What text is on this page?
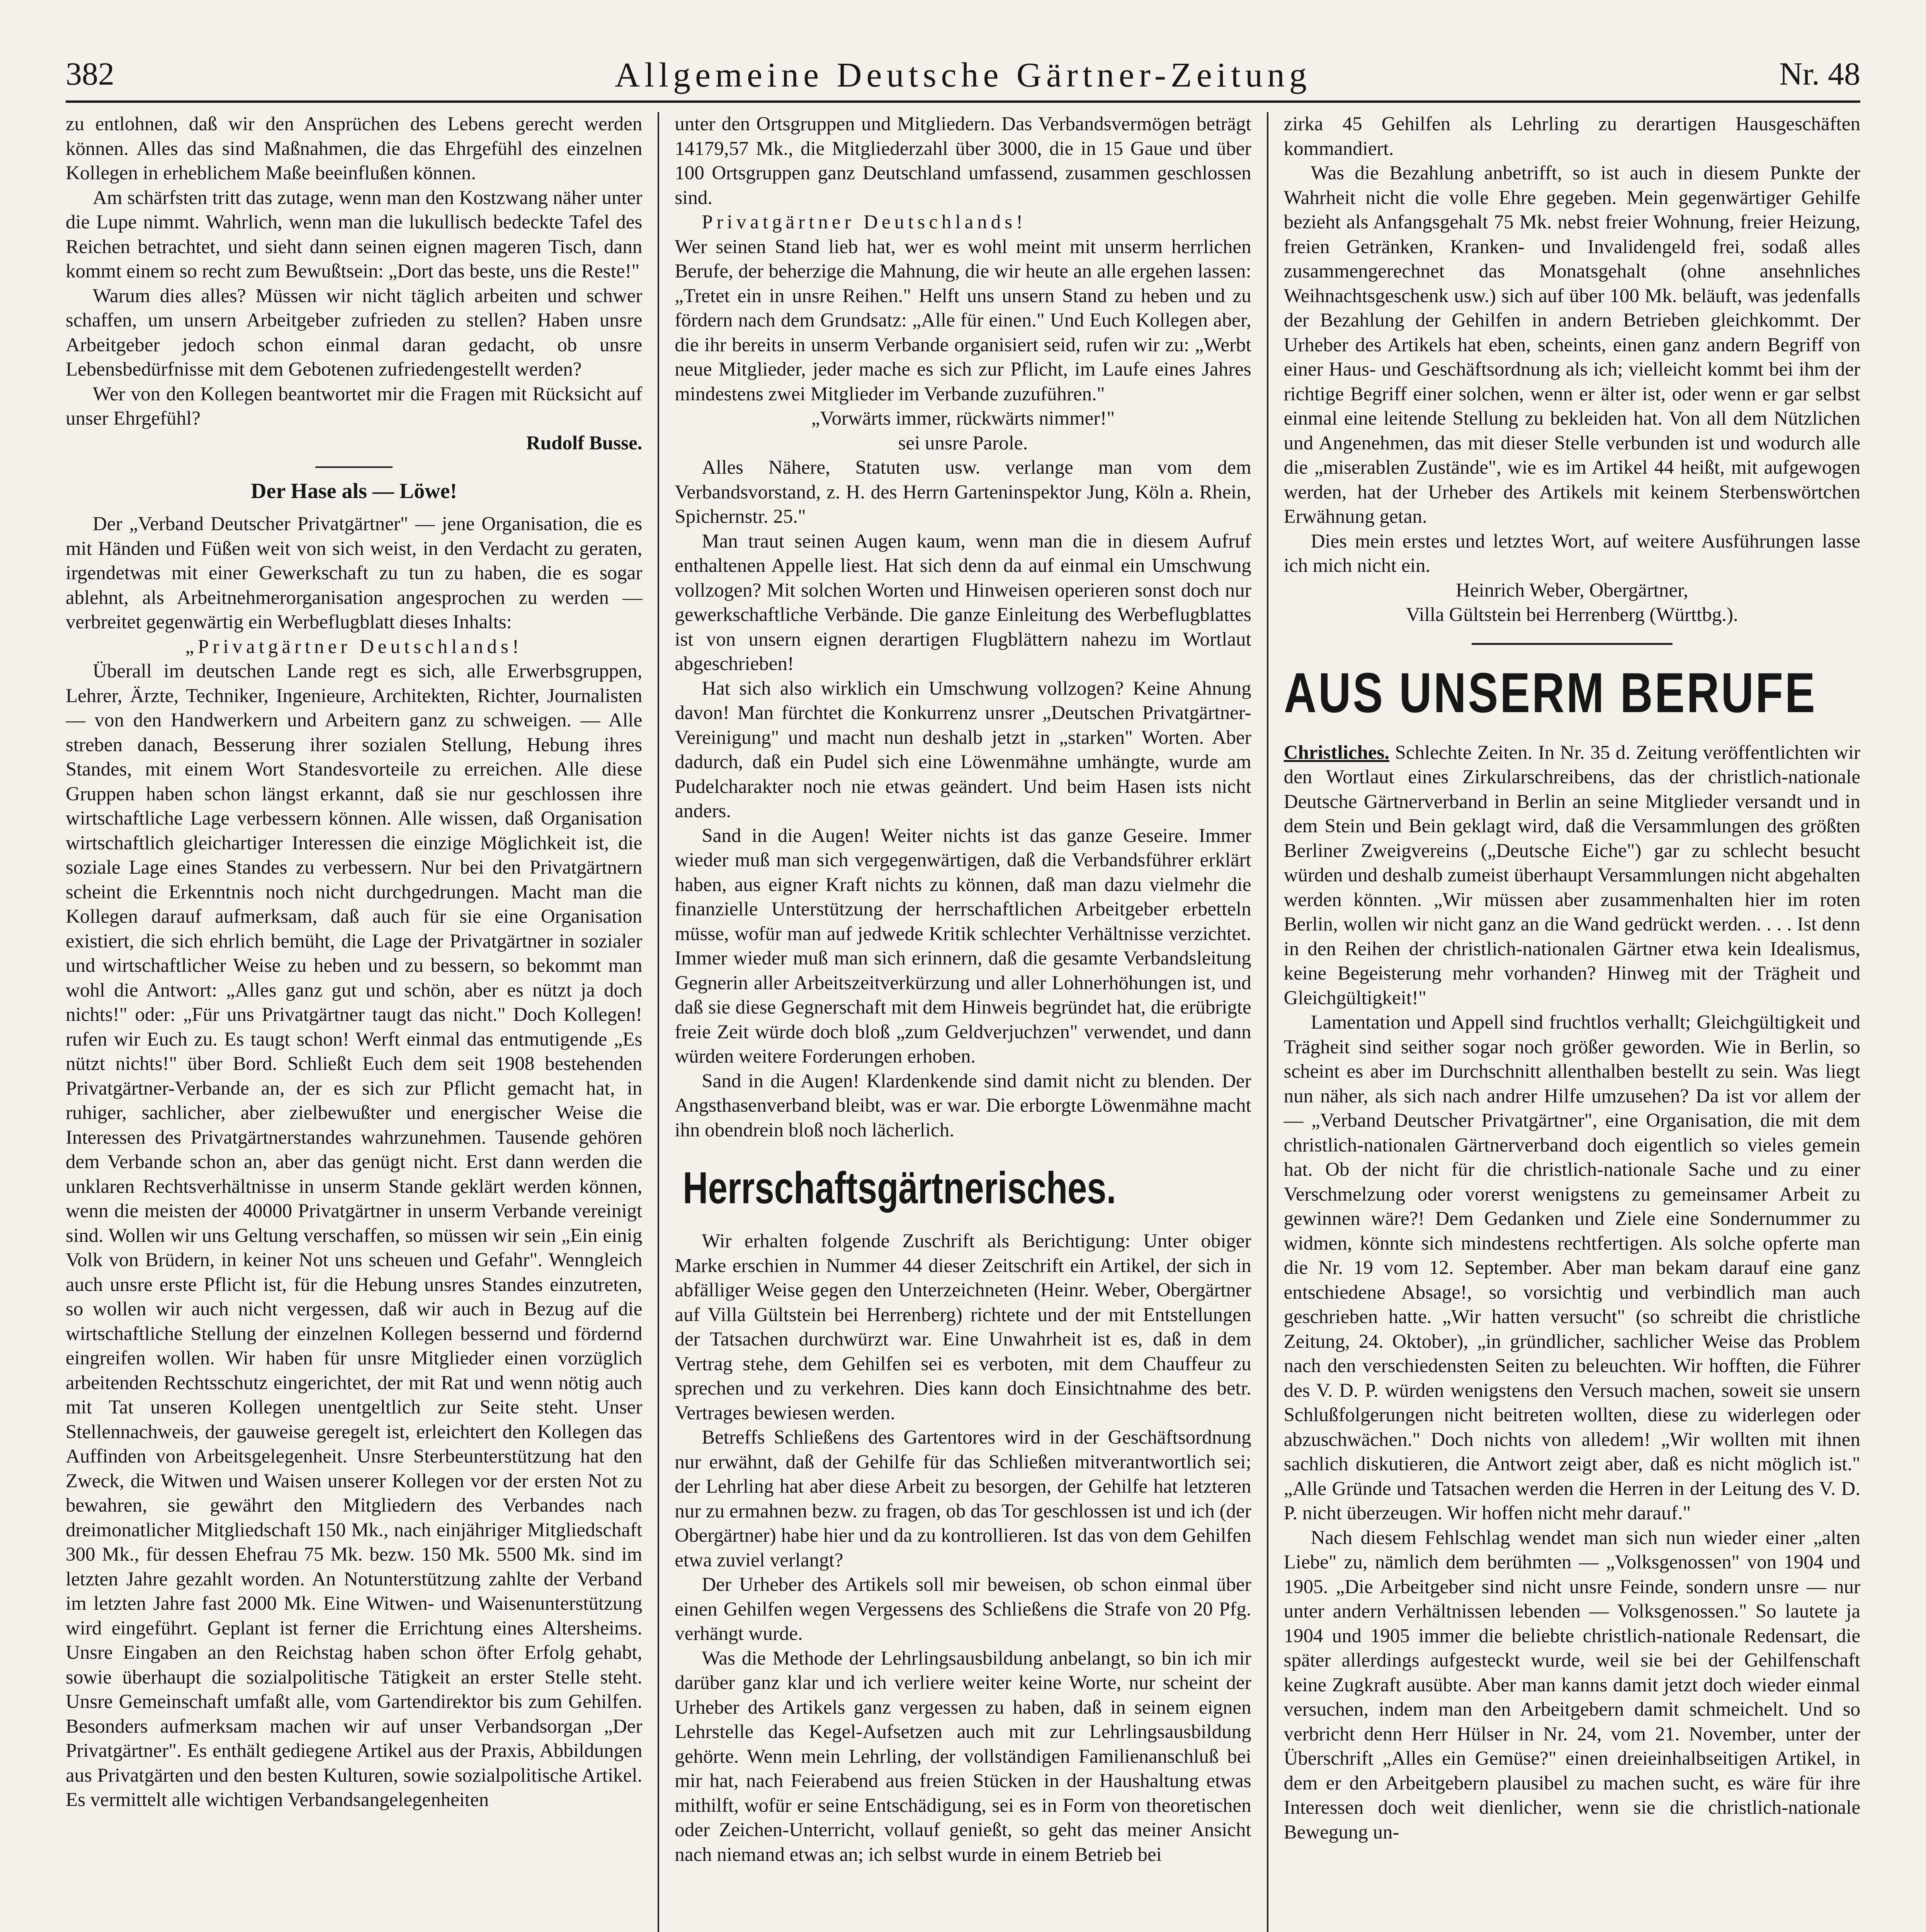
382	Allgemeine Deutsche Gärtner-Zeitung	Nr. 48

zu entlohnen, daß wir den Ansprüchen des Lebens gerecht werden können. Alles das sind Maßnahmen, die das Ehrgefühl des einzelnen Kollegen in erheblichem Maße beeinflußen können.

Am schärfsten tritt das zutage, wenn man den Kostzwang näher unter die Lupe nimmt. Wahrlich, wenn man die lukullisch bedeckte Tafel des Reichen betrachtet, und sieht dann seinen eignen mageren Tisch, dann kommt einem so recht zum Bewußtsein: „Dort das beste, uns die Reste!"

Warum dies alles? Müssen wir nicht täglich arbeiten und schwer schaffen, um unsern Arbeitgeber zufrieden zu stellen? Haben unsre Arbeitgeber jedoch schon einmal daran gedacht, ob unsre Lebensbedürfnisse mit dem Gebotenen zufriedengestellt werden?

Wer von den Kollegen beantwortet mir die Fragen mit Rücksicht auf unser Ehrgefühl?

Rudolf Busse.

Der Hase als — Löwe!

Der „Verband Deutscher Privatgärtner" — jene Organisation, die es mit Händen und Füßen weit von sich weist, in den Verdacht zu geraten, irgendetwas mit einer Gewerkschaft zu tun zu haben, die es sogar ablehnt, als Arbeitnehmerorganisation angesprochen zu werden — verbreitet gegenwärtig ein Werbeflugblatt dieses Inhalts:

„Privatgärtner Deutschlands!

Überall im deutschen Lande regt es sich, alle Erwerbsgruppen, Lehrer, Ärzte, Techniker, Ingenieure, Architekten, Richter, Journalisten — von den Handwerkern und Arbeitern ganz zu schweigen. — Alle streben danach, Besserung ihrer sozialen Stellung, Hebung ihres Standes, mit einem Wort Standesvorteile zu erreichen. Alle diese Gruppen haben schon längst erkannt, daß sie nur geschlossen ihre wirtschaftliche Lage verbessern können. Alle wissen, daß Organisation wirtschaftlich gleichartiger Interessen die einzige Möglichkeit ist, die soziale Lage eines Standes zu verbessern. Nur bei den Privatgärtnern scheint die Erkenntnis noch nicht durchgedrungen. Macht man die Kollegen darauf aufmerksam, daß auch für sie eine Organisation existiert, die sich ehrlich bemüht, die Lage der Privatgärtner in sozialer und wirtschaftlicher Weise zu heben und zu bessern, so bekommt man wohl die Antwort: „Alles ganz gut und schön, aber es nützt ja doch nichts!" oder: „Für uns Privatgärtner taugt das nicht." Doch Kollegen! rufen wir Euch zu. Es taugt schon! Werft einmal das entmutigende „Es nützt nichts!" über Bord. Schließt Euch dem seit 1908 bestehenden Privatgärtner-Verbande an, der es sich zur Pflicht gemacht hat, in ruhiger, sachlicher, aber zielbewußter und energischer Weise die Interessen des Privatgärtnerstandes wahrzunehmen. Tausende gehören dem Verbande schon an, aber das genügt nicht. Erst dann werden die unklaren Rechtsverhältnisse in unserm Stande geklärt werden können, wenn die meisten der 40000 Privatgärtner in unserm Verbande vereinigt sind. Wollen wir uns Geltung verschaffen, so müssen wir sein „Ein einig Volk von Brüdern, in keiner Not uns scheuen und Gefahr". Wenngleich auch unsre erste Pflicht ist, für die Hebung unsres Standes einzutreten, so wollen wir auch nicht vergessen, daß wir auch in Bezug auf die wirtschaftliche Stellung der einzelnen Kollegen bessernd und fördernd eingreifen wollen. Wir haben für unsre Mitglieder einen vorzüglich arbeitenden Rechtsschutz eingerichtet, der mit Rat und wenn nötig auch mit Tat unseren Kollegen unentgeltlich zur Seite steht. Unser Stellennachweis, der gauweise geregelt ist, erleichtert den Kollegen das Auffinden von Arbeitsgelegenheit. Unsre Sterbeunterstützung hat den Zweck, die Witwen und Waisen unserer Kollegen vor der ersten Not zu bewahren, sie gewährt den Mitgliedern des Verbandes nach dreimonatlicher Mitgliedschaft 150 Mk., nach einjähriger Mitgliedschaft 300 Mk., für dessen Ehefrau 75 Mk. bezw. 150 Mk. 5500 Mk. sind im letzten Jahre gezahlt worden. An Notunterstützung zahlte der Verband im letzten Jahre fast 2000 Mk. Eine Witwen- und Waisenunterstützung wird eingeführt. Geplant ist ferner die Errichtung eines Altersheims. Unsre Eingaben an den Reichstag haben schon öfter Erfolg gehabt, sowie überhaupt die sozialpolitische Tätigkeit an erster Stelle steht. Unsre Gemeinschaft umfaßt alle, vom Gartendirektor bis zum Gehilfen. Besonders aufmerksam machen wir auf unser Verbandsorgan „Der Privatgärtner". Es enthält gediegene Artikel aus der Praxis, Abbildungen aus Privatgärten und den besten Kulturen, sowie sozialpolitische Artikel. Es vermittelt alle wichtigen Verbandsangelegenheiten

unter den Ortsgruppen und Mitgliedern. Das Verbandsvermögen beträgt 14179,57 Mk., die Mitgliederzahl über 3000, die in 15 Gaue und über 100 Ortsgruppen ganz Deutschland umfassend, zusammen geschlossen sind.

Privatgärtner Deutschlands!

Wer seinen Stand lieb hat, wer es wohl meint mit unserm herrlichen Berufe, der beherzige die Mahnung, die wir heute an alle ergehen lassen: „Tretet ein in unsre Reihen." Helft uns unsern Stand zu heben und zu fördern nach dem Grundsatz: „Alle für einen." Und Euch Kollegen aber, die ihr bereits in unserm Verbande organisiert seid, rufen wir zu: „Werbt neue Mitglieder, jeder mache es sich zur Pflicht, im Laufe eines Jahres mindestens zwei Mitglieder im Verbande zuzuführen."

„Vorwärts immer, rückwärts nimmer!"

sei unsre Parole.

Alles Nähere, Statuten usw. verlange man vom dem Verbandsvorstand, z. H. des Herrn Garteninspektor Jung, Köln a. Rhein, Spichernstr. 25."

Man traut seinen Augen kaum, wenn man die in diesem Aufruf enthaltenen Appelle liest. Hat sich denn da auf einmal ein Umschwung vollzogen? Mit solchen Worten und Hinweisen operieren sonst doch nur gewerkschaftliche Verbände. Die ganze Einleitung des Werbeflugblattes ist von unsern eignen derartigen Flugblättern nahezu im Wortlaut abgeschrieben!

Hat sich also wirklich ein Umschwung vollzogen? Keine Ahnung davon! Man fürchtet die Konkurrenz unsrer „Deutschen Privatgärtner-Vereinigung" und macht nun deshalb jetzt in „starken" Worten. Aber dadurch, daß ein Pudel sich eine Löwenmähne umhängte, wurde am Pudelcharakter noch nie etwas geändert. Und beim Hasen ists nicht anders.

Sand in die Augen! Weiter nichts ist das ganze Geseire. Immer wieder muß man sich vergegenwärtigen, daß die Verbandsführer erklärt haben, aus eigner Kraft nichts zu können, daß man dazu vielmehr die finanzielle Unterstützung der herrschaftlichen Arbeitgeber erbetteln müsse, wofür man auf jedwede Kritik schlechter Verhältnisse verzichtet. Immer wieder muß man sich erinnern, daß die gesamte Verbandsleitung Gegnerin aller Arbeitszeitverkürzung und aller Lohnerhöhungen ist, und daß sie diese Gegnerschaft mit dem Hinweis begründet hat, die erübrigte freie Zeit würde doch bloß „zum Geldverjuchzen" verwendet, und dann würden weitere Forderungen erhoben.

Sand in die Augen! Klardenkende sind damit nicht zu blenden. Der Angsthasenverband bleibt, was er war. Die erborgte Löwenmähne macht ihn obendrein bloß noch lächerlich.

Herrschaftsgärtnerisches.

Wir erhalten folgende Zuschrift als Berichtigung: Unter obiger Marke erschien in Nummer 44 dieser Zeitschrift ein Artikel, der sich in abfälliger Weise gegen den Unterzeichneten (Heinr. Weber, Obergärtner auf Villa Gültstein bei Herrenberg) richtete und der mit Entstellungen der Tatsachen durchwürzt war. Eine Unwahrheit ist es, daß in dem Vertrag stehe, dem Gehilfen sei es verboten, mit dem Chauffeur zu sprechen und zu verkehren. Dies kann doch Einsichtnahme des betr. Vertrages bewiesen werden.

Betreffs Schließens des Gartentores wird in der Geschäftsordnung nur erwähnt, daß der Gehilfe für das Schließen mitverantwortlich sei; der Lehrling hat aber diese Arbeit zu besorgen, der Gehilfe hat letzteren nur zu ermahnen bezw. zu fragen, ob das Tor geschlossen ist und ich (der Obergärtner) habe hier und da zu kontrollieren. Ist das von dem Gehilfen etwa zuviel verlangt?

Der Urheber des Artikels soll mir beweisen, ob schon einmal über einen Gehilfen wegen Vergessens des Schließens die Strafe von 20 Pfg. verhängt wurde.

Was die Methode der Lehrlingsausbildung anbelangt, so bin ich mir darüber ganz klar und ich verliere weiter keine Worte, nur scheint der Urheber des Artikels ganz vergessen zu haben, daß in seinem eignen Lehrstelle das Kegel-Aufsetzen auch mit zur Lehrlingsausbildung gehörte. Wenn mein Lehrling, der vollständigen Familienanschluß bei mir hat, nach Feierabend aus freien Stücken in der Haushaltung etwas mithilft, wofür er seine Entschädigung, sei es in Form von theoretischen oder Zeichen-Unterricht, vollauf genießt, so geht das meiner Ansicht nach niemand etwas an; ich selbst wurde in einem Betrieb bei

zirka 45 Gehilfen als Lehrling zu derartigen Hausgeschäften kommandiert.

Was die Bezahlung anbetrifft, so ist auch in diesem Punkte der Wahrheit nicht die volle Ehre gegeben. Mein gegenwärtiger Gehilfe bezieht als Anfangsgehalt 75 Mk. nebst freier Wohnung, freier Heizung, freien Getränken, Kranken- und Invalidengeld frei, sodaß alles zusammengerechnet das Monatsgehalt (ohne ansehnliches Weihnachtsgeschenk usw.) sich auf über 100 Mk. beläuft, was jedenfalls der Bezahlung der Gehilfen in andern Betrieben gleichkommt. Der Urheber des Artikels hat eben, scheints, einen ganz andern Begriff von einer Haus- und Geschäftsordnung als ich; vielleicht kommt bei ihm der richtige Begriff einer solchen, wenn er älter ist, oder wenn er gar selbst einmal eine leitende Stellung zu bekleiden hat. Von all dem Nützlichen und Angenehmen, das mit dieser Stelle verbunden ist und wodurch alle die „miserablen Zustände", wie es im Artikel 44 heißt, mit aufgewogen werden, hat der Urheber des Artikels mit keinem Sterbenswörtchen Erwähnung getan.

Dies mein erstes und letztes Wort, auf weitere Ausführungen lasse ich mich nicht ein.

Heinrich Weber, Obergärtner,

Villa Gültstein bei Herrenberg (Württbg.).

AUS UNSERM BERUFE

Christliches. Schlechte Zeiten. In Nr. 35 d. Zeitung veröffentlichten wir den Wortlaut eines Zirkularschreibens, das der christlich-nationale Deutsche Gärtnerverband in Berlin an seine Mitglieder versandt und in dem Stein und Bein geklagt wird, daß die Versammlungen des größten Berliner Zweigvereins („Deutsche Eiche") gar zu schlecht besucht würden und deshalb zumeist überhaupt Versammlungen nicht abgehalten werden könnten. „Wir müssen aber zusammenhalten hier im roten Berlin, wollen wir nicht ganz an die Wand gedrückt werden. . . . Ist denn in den Reihen der christlich-nationalen Gärtner etwa kein Idealismus, keine Begeisterung mehr vorhanden? Hinweg mit der Trägheit und Gleichgültigkeit!"

Lamentation und Appell sind fruchtlos verhallt; Gleichgültigkeit und Trägheit sind seither sogar noch größer geworden. Wie in Berlin, so scheint es aber im Durchschnitt allenthalben bestellt zu sein. Was liegt nun näher, als sich nach andrer Hilfe umzusehen? Da ist vor allem der — „Verband Deutscher Privatgärtner", eine Organisation, die mit dem christlich-nationalen Gärtnerverband doch eigentlich so vieles gemein hat. Ob der nicht für die christlich-nationale Sache und zu einer Verschmelzung oder vorerst wenigstens zu gemeinsamer Arbeit zu gewinnen wäre?! Dem Gedanken und Ziele eine Sondernummer zu widmen, könnte sich mindestens rechtfertigen. Als solche opferte man die Nr. 19 vom 12. September. Aber man bekam darauf eine ganz entschiedene Absage!, so vorsichtig und verbindlich man auch geschrieben hatte. „Wir hatten versucht" (so schreibt die christliche Zeitung, 24. Oktober), „in gründlicher, sachlicher Weise das Problem nach den verschiedensten Seiten zu beleuchten. Wir hofften, die Führer des V. D. P. würden wenigstens den Versuch machen, soweit sie unsern Schlußfolgerungen nicht beitreten wollten, diese zu widerlegen oder abzuschwächen." Doch nichts von alledem! „Wir wollten mit ihnen sachlich diskutieren, die Antwort zeigt aber, daß es nicht möglich ist." „Alle Gründe und Tatsachen werden die Herren in der Leitung des V. D. P. nicht überzeugen. Wir hoffen nicht mehr darauf."

Nach diesem Fehlschlag wendet man sich nun wieder einer „alten Liebe" zu, nämlich dem berühmten — „Volksgenossen" von 1904 und 1905. „Die Arbeitgeber sind nicht unsre Feinde, sondern unsre — nur unter andern Verhältnissen lebenden — Volksgenossen." So lautete ja 1904 und 1905 immer die beliebte christlich-nationale Redensart, die später allerdings aufgesteckt wurde, weil sie bei der Gehilfenschaft keine Zugkraft ausübte. Aber man kanns damit jetzt doch wieder einmal versuchen, indem man den Arbeitgebern damit schmeichelt. Und so verbricht denn Herr Hülser in Nr. 24, vom 21. November, unter der Überschrift „Alles ein Gemüse?" einen dreieinhalbseitigen Artikel, in dem er den Arbeitgebern plausibel zu machen sucht, es wäre für ihre Interessen doch weit dienlicher, wenn sie die christlich-nationale Bewegung un-
